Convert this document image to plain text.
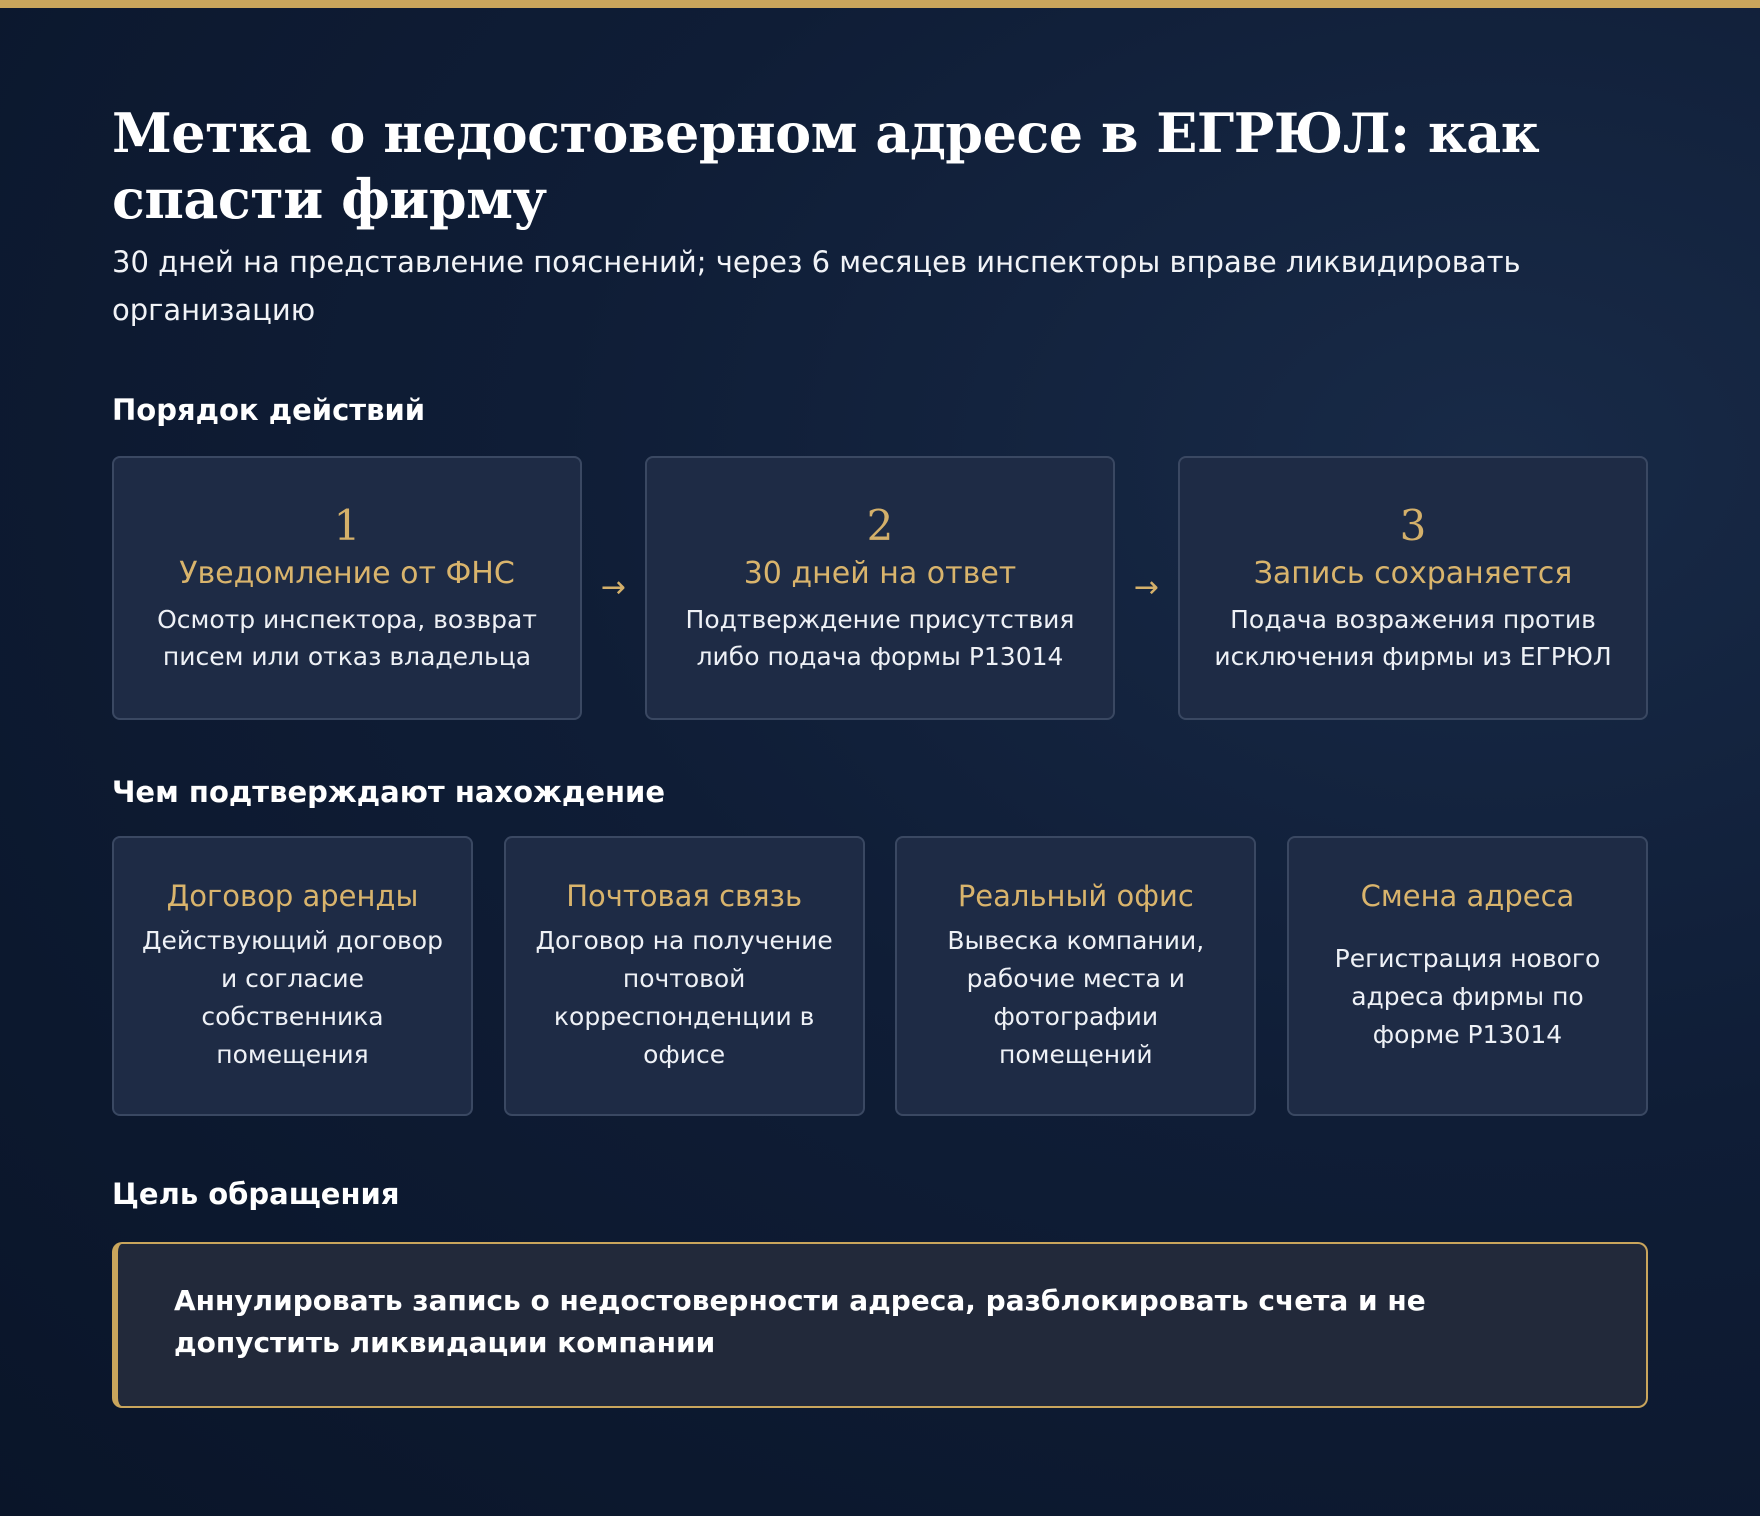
Метка о недостоверном адресе в ЕГРЮЛ: как спасти фирму

30 дней на представление пояснений; через 6 месяцев инспекторы вправе ликвидировать организацию

Порядок действий
1
Уведомление от ФНС
Осмотр инспектора, возврат писем или отказ владельца
→
2
30 дней на ответ
Подтверждение присутствия либо подача формы Р13014
→
3
Запись сохраняется
Подача возражения против исключения фирмы из ЕГРЮЛ
Чем подтверждают нахождение
Договор аренды
Действующий договор и согласие собственника помещения
Почтовая связь
Договор на получение почтовой корреспонденции в офисе
Реальный офис
Вывеска компании, рабочие места и фотографии помещений
Смена адреса
Регистрация нового адреса фирмы по форме Р13014
Цель обращения
Аннулировать запись о недостоверности адреса, разблокировать счета и не допустить ликвидации компании
